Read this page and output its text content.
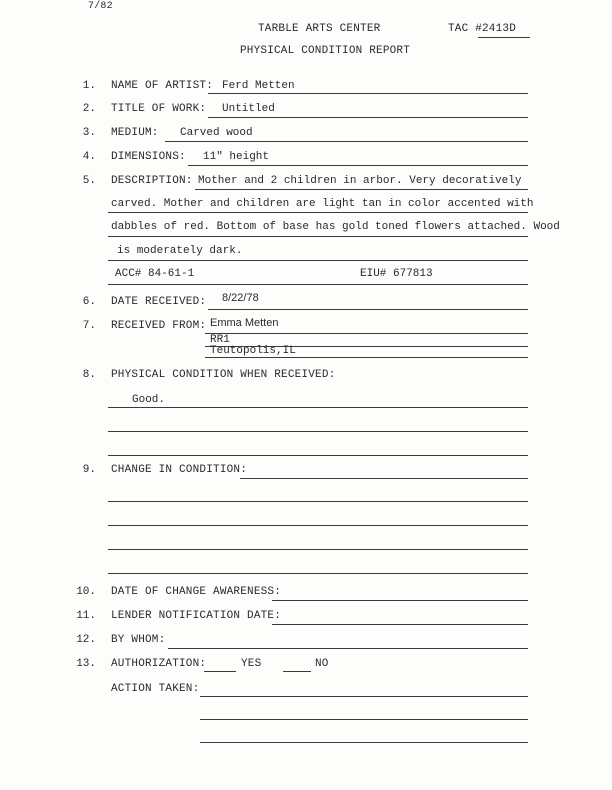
7/82
TARBLE ARTS CENTER	TAC # 2413D
PHYSICAL CONDITION REPORT
1. NAME OF ARTIST: Ferd Metten
2. TITLE OF WORK: Untitled
3. MEDIUM: Carved wood
4. DIMENSIONS: 11" height
5. DESCRIPTION: Mother and 2 children in arbor. Very decoratively
carved. Mother and children are light tan in color accented with
dabbles of red. Bottom of base has gold toned flowers attached. Wood
is moderately dark.
ACC# 84-61-1	EIU# 677813
6. DATE RECEIVED: 8/22/78
7. RECEIVED FROM: Emma Metten
RR1
Teutopolis,IL
8. PHYSICAL CONDITION WHEN RECEIVED:
Good.
9. CHANGE IN CONDITION:
10. DATE OF CHANGE AWARENESS:
11. LENDER NOTIFICATION DATE:
12. BY WHOM:
13. AUTHORIZATION:	YES	NO
ACTION TAKEN:
